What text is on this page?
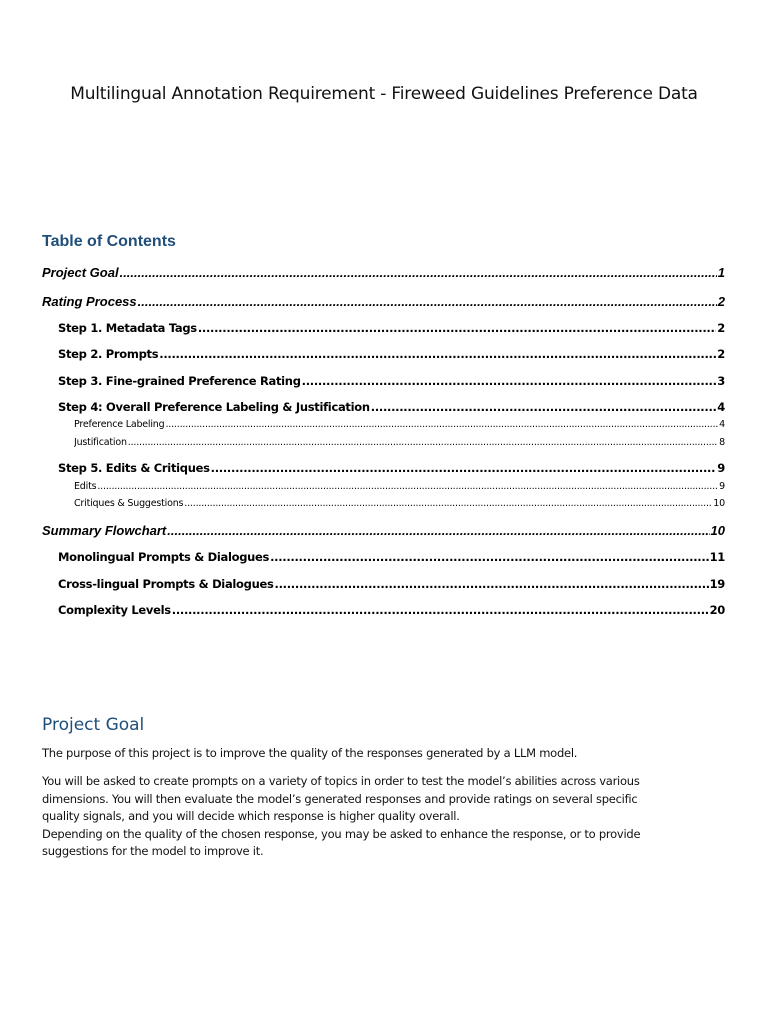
Multilingual Annotation Requirement - Fireweed Guidelines Preference Data
Table of Contents
Project Goal .....	1
Rating Process .....	2
Step 1. Metadata Tags .....	2
Step 2. Prompts .....	2
Step 3. Fine-grained Preference Rating .....	3
Step 4: Overall Preference Labeling & Justification .....	4
Preference Labeling .....	4
Justification .....	8
Step 5. Edits & Critiques .....	9
Edits .....	9
Critiques & Suggestions .....	10
Summary Flowchart .....	10
Monolingual Prompts & Dialogues .....	11
Cross-lingual Prompts & Dialogues .....	19
Complexity Levels .....	20
Project Goal

The purpose of this project is to improve the quality of the responses generated by a LLM model.

You will be asked to create prompts on a variety of topics in order to test the model’s abilities across various
dimensions. You will then evaluate the model’s generated responses and provide ratings on several specific
quality signals, and you will decide which response is higher quality overall.
Depending on the quality of the chosen response, you may be asked to enhance the response, or to provide
suggestions for the model to improve it.
